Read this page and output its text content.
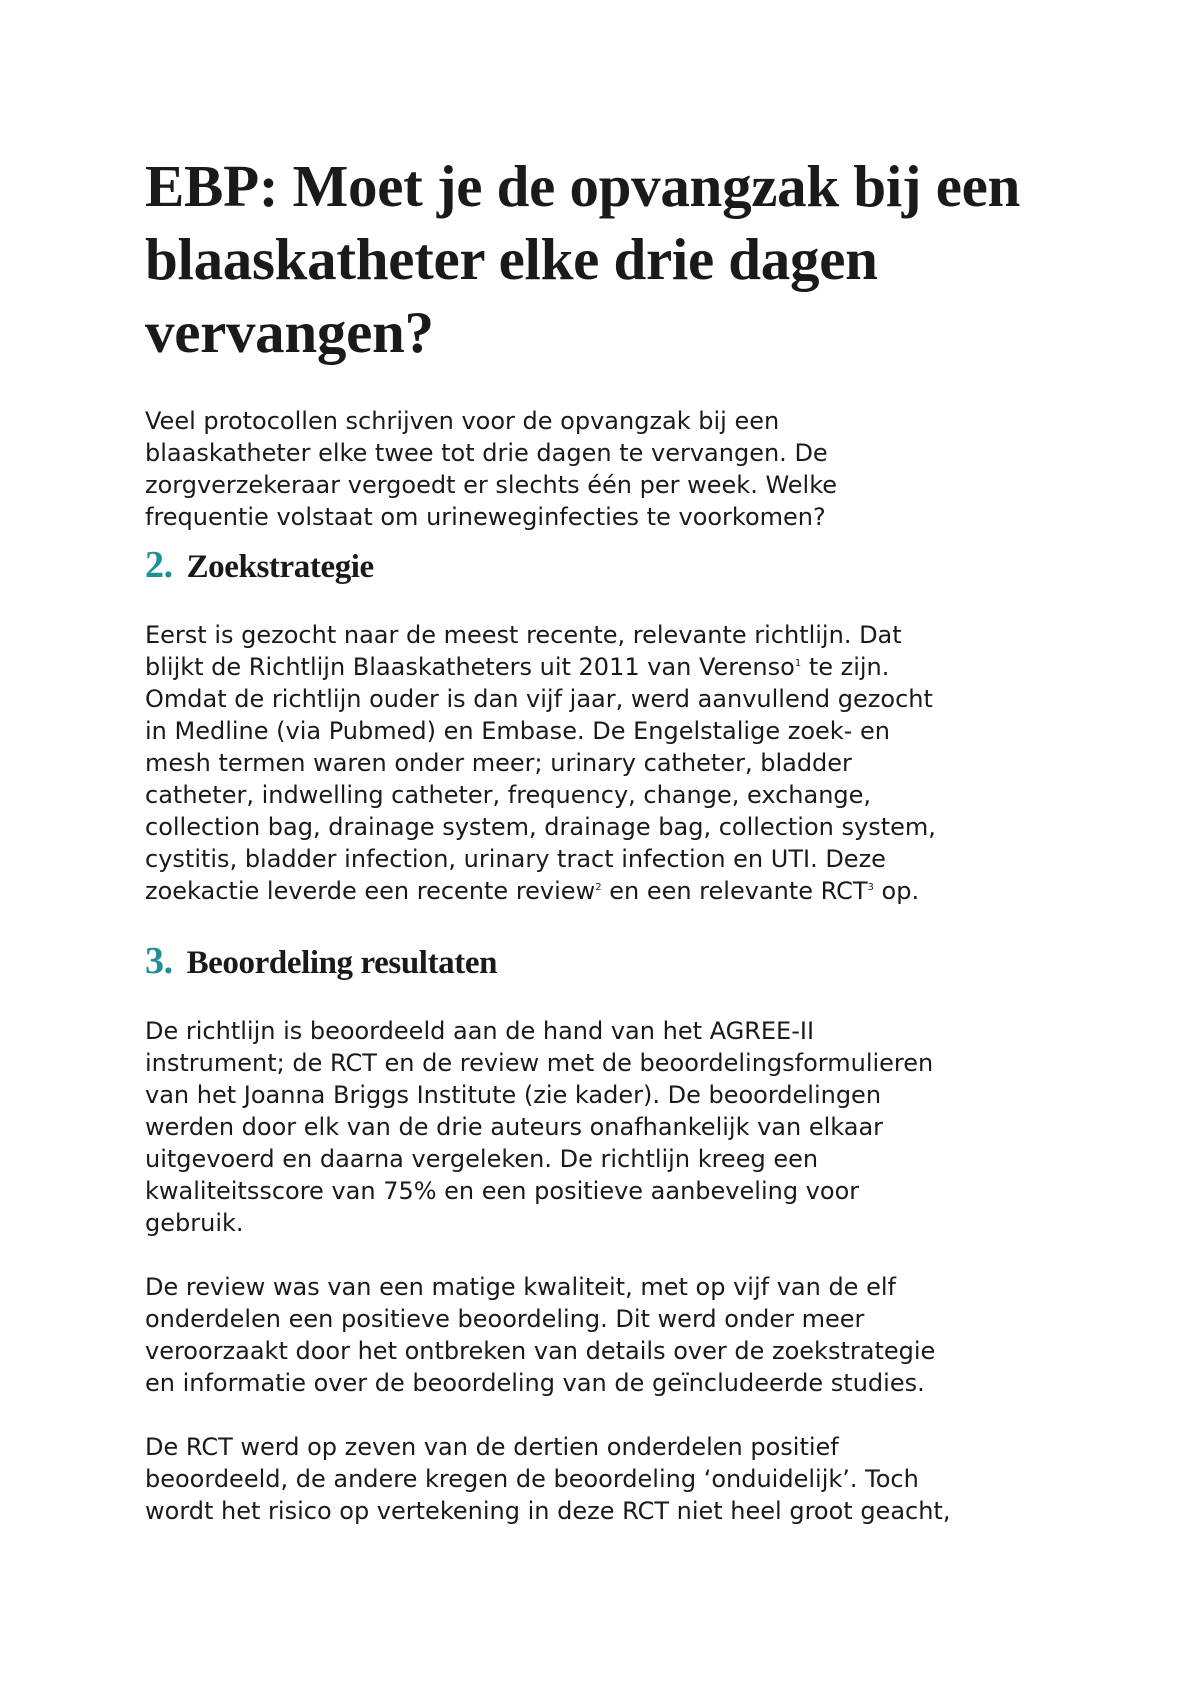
EBP: Moet je de opvangzak bij een blaaskatheter elke drie dagen vervangen?

Veel protocollen schrijven voor de opvangzak bij een
blaaskatheter elke twee tot drie dagen te vervangen. De
zorgverzekeraar vergoedt er slechts één per week. Welke
frequentie volstaat om urineweginfecties te voorkomen?

2. Zoekstrategie

Eerst is gezocht naar de meest recente, relevante richtlijn. Dat
blijkt de Richtlijn Blaaskatheters uit 2011 van Verenso$^1$ te zijn.
Omdat de richtlijn ouder is dan vijf jaar, werd aanvullend gezocht
in Medline (via Pubmed) en Embase. De Engelstalige zoek- en
mesh termen waren onder meer; urinary catheter, bladder
catheter, indwelling catheter, frequency, change, exchange,
collection bag, drainage system, drainage bag, collection system,
cystitis, bladder infection, urinary tract infection en UTI. Deze
zoekactie leverde een recente review$^2$ en een relevante RCT$^3$ op.

3. Beoordeling resultaten

De richtlijn is beoordeeld aan de hand van het AGREE-II
instrument; de RCT en de review met de beoordelingsformulieren
van het Joanna Briggs Institute (zie kader). De beoordelingen
werden door elk van de drie auteurs onafhankelijk van elkaar
uitgevoerd en daarna vergeleken. De richtlijn kreeg een
kwaliteitsscore van 75% en een positieve aanbeveling voor
gebruik.

De review was van een matige kwaliteit, met op vijf van de elf
onderdelen een positieve beoordeling. Dit werd onder meer
veroorzaakt door het ontbreken van details over de zoekstrategie
en informatie over de beoordeling van de geïncludeerde studies.

De RCT werd op zeven van de dertien onderdelen positief
beoordeeld, de andere kregen de beoordeling ‘onduidelijk’. Toch
wordt het risico op vertekening in deze RCT niet heel groot geacht,
